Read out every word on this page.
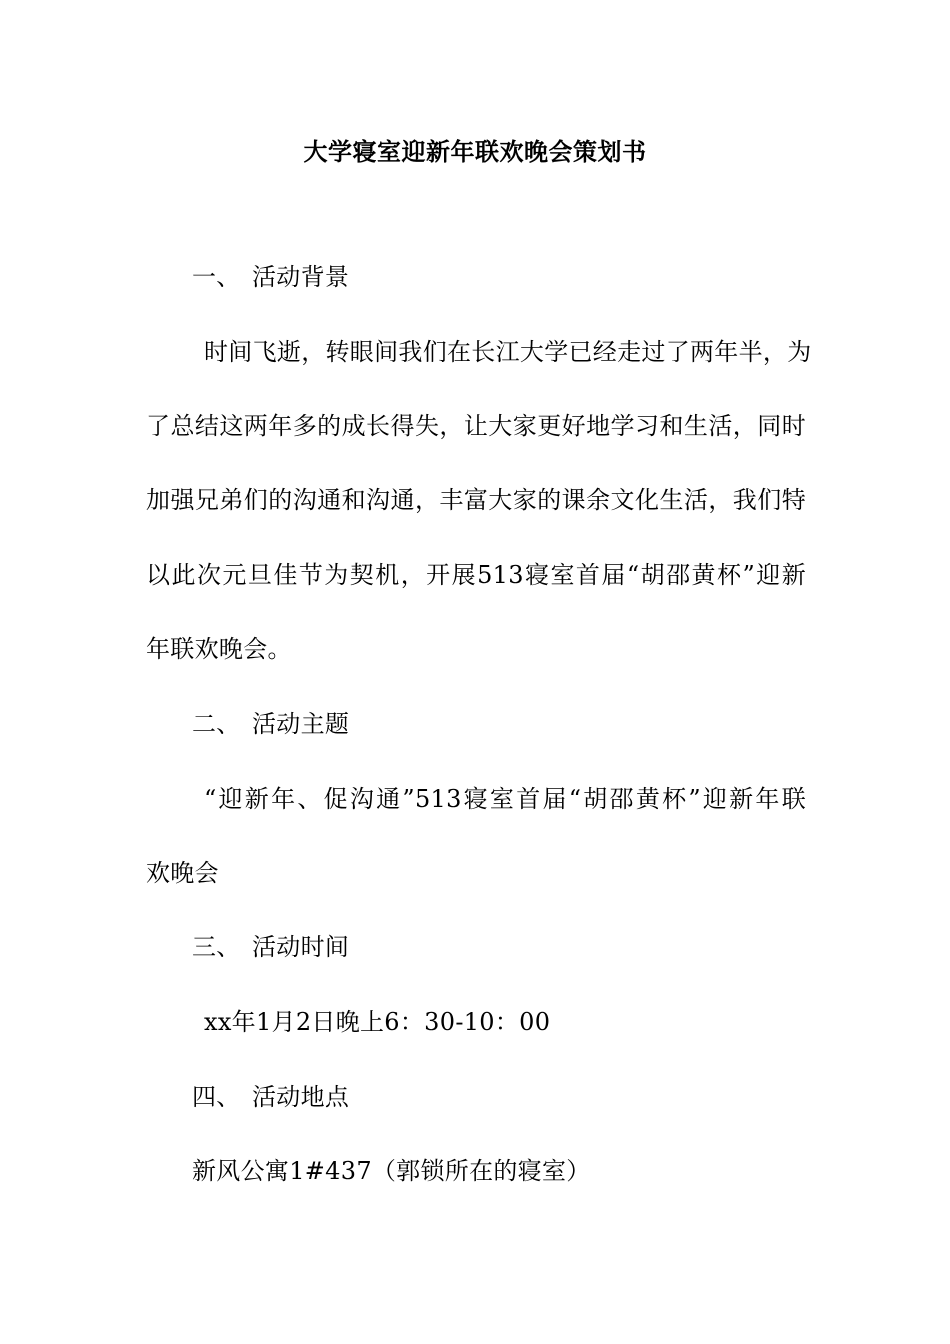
大学寝室迎新年联欢晚会策划书
一、 活动背景
时间飞逝，转眼间我们在长江大学已经走过了两年半，为
了总结这两年多的成长得失，让大家更好地学习和生活，同时
加强兄弟们的沟通和沟通，丰富大家的课余文化生活，我们特
以此次元旦佳节为契机，开展513寝室首届“胡邵黄杯”迎新
年联欢晚会。
二、 活动主题
“迎新年、促沟通”513寝室首届“胡邵黄杯”迎新年联
欢晚会
三、 活动时间
xx年1月2日晚上6：30-10：00
四、 活动地点
新风公寓1#437（郭锁所在的寝室）
